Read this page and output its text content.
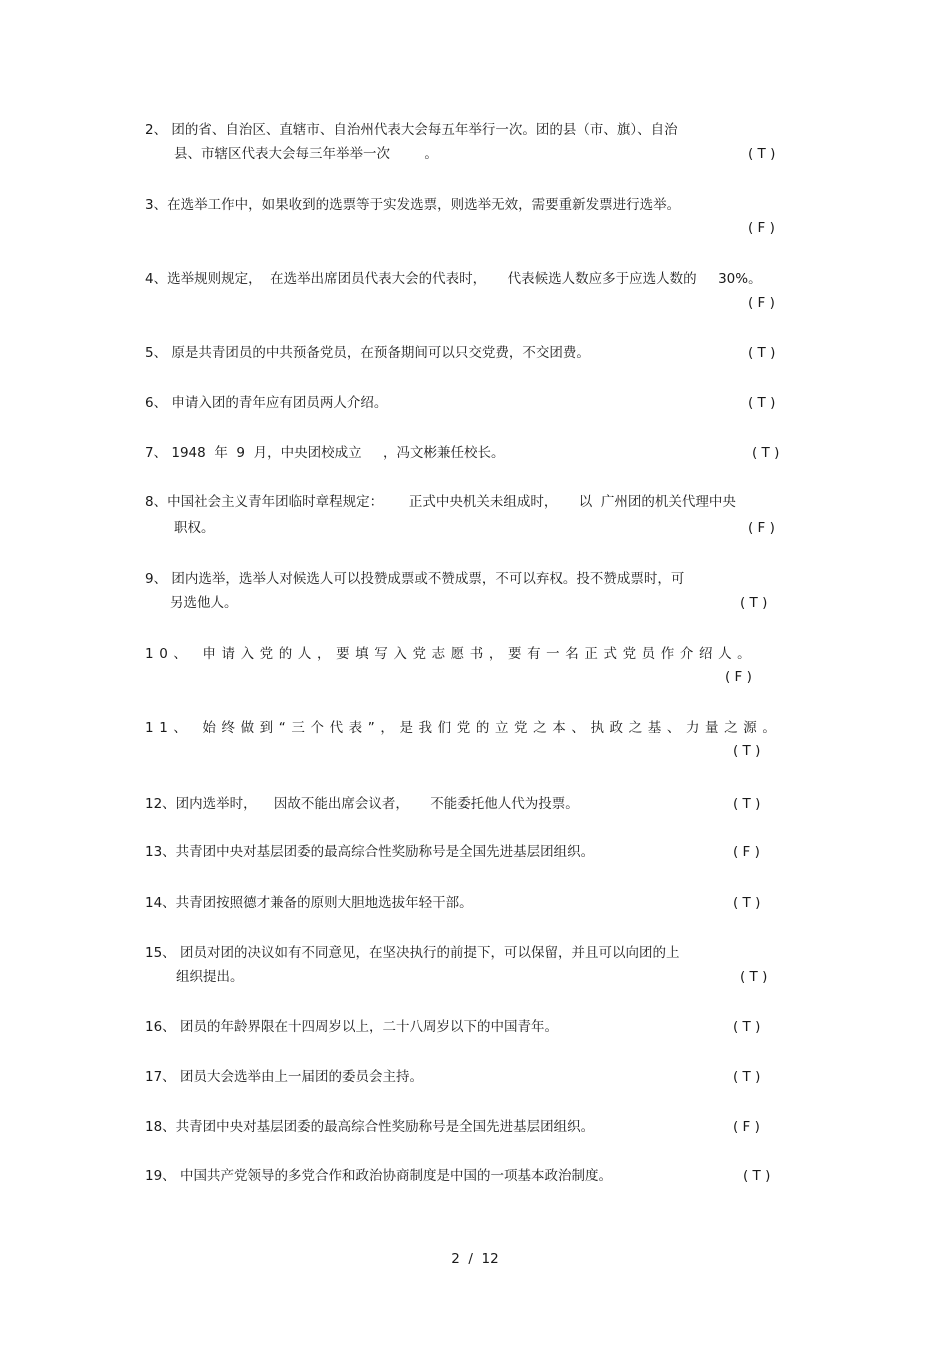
2、 团的省、自治区、直辖市、自治州代表大会每五年举行一次。团的县（市、旗）、自治
县、市辖区代表大会每三年举举一次        。	( T )
3、在选举工作中，如果收到的选票等于实发选票，则选举无效，需要重新发票进行选举。
( F )
4、选举规则规定，  在选举出席团员代表大会的代表时，     代表候选人数应多于应选人数的     30%。
( F )
5、 原是共青团员的中共预备党员，在预备期间可以只交党费，不交团费。	( T )
6、 申请入团的青年应有团员两人介绍。	( T )
7、 1948  年  9  月，中央团校成立     ，冯文彬兼任校长。	( T )
8、中国社会主义青年团临时章程规定：      正式中央机关未组成时，     以  广州团的机关代理中央
职权。	( F )
9、 团内选举，选举人对候选人可以投赞成票或不赞成票，不可以弃权。投不赞成票时，可
另选他人。	( T )
10、 申请入党的人，要填写入党志愿书，要有一名正式党员作介绍人。
( F )
11、 始终做到“三个代表”，是我们党的立党之本、执政之基、力量之源。
( T )
12、团内选举时，    因故不能出席会议者，     不能委托他人代为投票。	( T )
13、共青团中央对基层团委的最高综合性奖励称号是全国先进基层团组织。	( F )
14、共青团按照德才兼备的原则大胆地选拔年轻干部。	( T )
15、 团员对团的决议如有不同意见，在坚决执行的前提下，可以保留，并且可以向团的上
组织提出。	( T )
16、 团员的年龄界限在十四周岁以上，二十八周岁以下的中国青年。	( T )
17、 团员大会选举由上一届团的委员会主持。	( T )
18、共青团中央对基层团委的最高综合性奖励称号是全国先进基层团组织。	( F )
19、 中国共产党领导的多党合作和政治协商制度是中国的一项基本政治制度。	( T )
2  /  12
